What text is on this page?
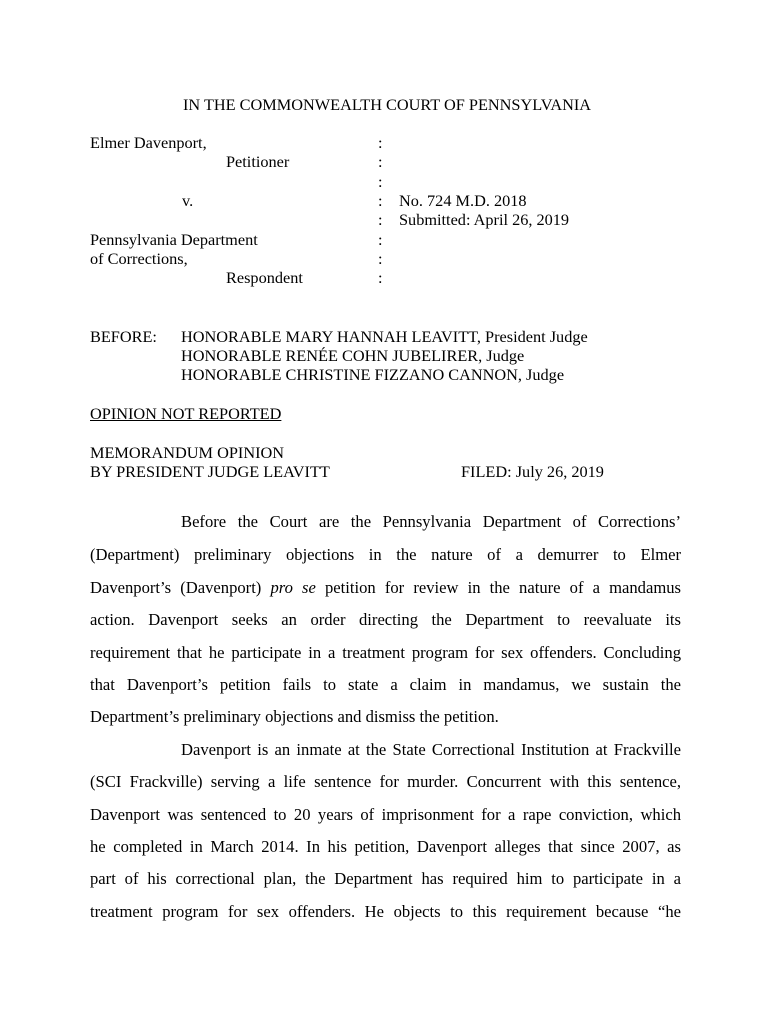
IN THE COMMONWEALTH COURT OF PENNSYLVANIA
Elmer Davenport,
Petitioner
v.
Pennsylvania Department
of Corrections,
Respondent
:
:
:
:
:
:
:
:
No. 724 M.D. 2018
Submitted: April 26, 2019
BEFORE: HONORABLE MARY HANNAH LEAVITT, President Judge
HONORABLE RENÉE COHN JUBELIRER, Judge
HONORABLE CHRISTINE FIZZANO CANNON, Judge
OPINION NOT REPORTED
MEMORANDUM OPINION
BY PRESIDENT JUDGE LEAVITT	FILED: July 26, 2019
Before the Court are the Pennsylvania Department of Corrections’
(Department) preliminary objections in the nature of a demurrer to Elmer
Davenport’s (Davenport) pro se petition for review in the nature of a mandamus
action. Davenport seeks an order directing the Department to reevaluate its
requirement that he participate in a treatment program for sex offenders. Concluding
that Davenport’s petition fails to state a claim in mandamus, we sustain the
Department’s preliminary objections and dismiss the petition.
Davenport is an inmate at the State Correctional Institution at Frackville
(SCI Frackville) serving a life sentence for murder. Concurrent with this sentence,
Davenport was sentenced to 20 years of imprisonment for a rape conviction, which
he completed in March 2014. In his petition, Davenport alleges that since 2007, as
part of his correctional plan, the Department has required him to participate in a
treatment program for sex offenders. He objects to this requirement because “he
